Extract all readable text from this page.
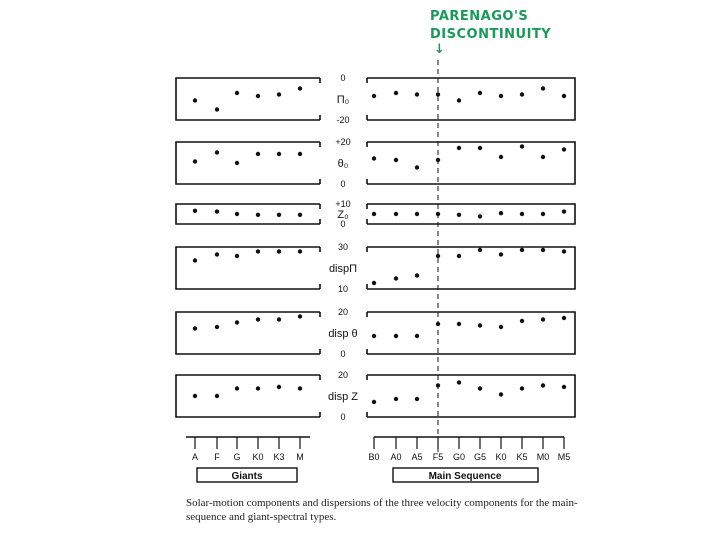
0
-20
Π₀
+20
0
θ₀
+10
0
Z₀
30
10
dispΠ
20
0
disp θ
20
0
disp Z
A F G K0 K3 M	B0 A0 A5 F5 G0 G5 K0 K5 M0 M5
Giants	Main Sequence
PARENAGO'S
DISCONTINUITY
↓
Solar-motion components and dispersions of the three velocity components for the main-sequence and giant-spectral types.
